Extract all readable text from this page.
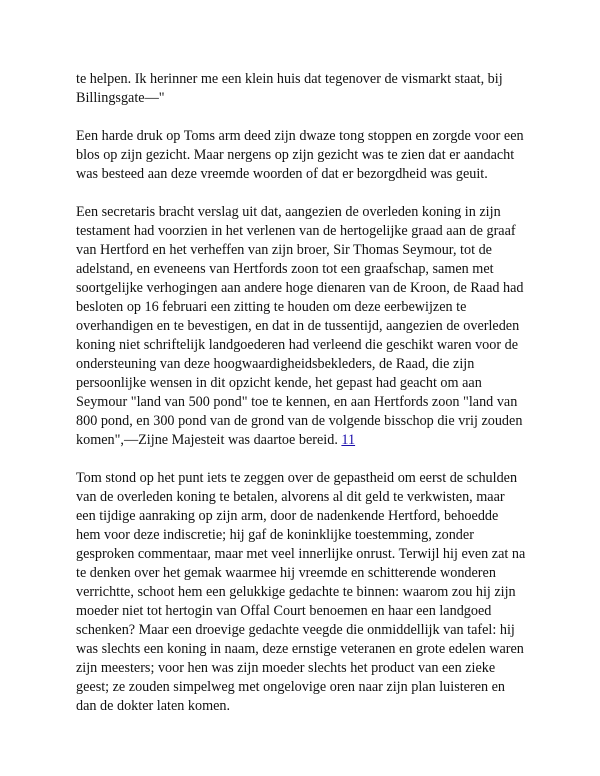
te helpen. Ik herinner me een klein huis dat tegenover de vismarkt staat, bij Billingsgate—"

Een harde druk op Toms arm deed zijn dwaze tong stoppen en zorgde voor een blos op zijn gezicht. Maar nergens op zijn gezicht was te zien dat er aandacht was besteed aan deze vreemde woorden of dat er bezorgdheid was geuit.

Een secretaris bracht verslag uit dat, aangezien de overleden koning in zijn testament had voorzien in het verlenen van de hertogelijke graad aan de graaf van Hertford en het verheffen van zijn broer, Sir Thomas Seymour, tot de adelstand, en eveneens van Hertfords zoon tot een graafschap, samen met soortgelijke verhogingen aan andere hoge dienaren van de Kroon, de Raad had besloten op 16 februari een zitting te houden om deze eerbewijzen te overhandigen en te bevestigen, en dat in de tussentijd, aangezien de overleden koning niet schriftelijk landgoederen had verleend die geschikt waren voor de ondersteuning van deze hoogwaardigheidsbekleders, de Raad, die zijn persoonlijke wensen in dit opzicht kende, het gepast had geacht om aan Seymour "land van 500 pond" toe te kennen, en aan Hertfords zoon "land van 800 pond, en 300 pond van de grond van de volgende bisschop die vrij zouden komen",—Zijne Majesteit was daartoe bereid. 11

Tom stond op het punt iets te zeggen over de gepastheid om eerst de schulden van de overleden koning te betalen, alvorens al dit geld te verkwisten, maar een tijdige aanraking op zijn arm, door de nadenkende Hertford, behoedde hem voor deze indiscretie; hij gaf de koninklijke toestemming, zonder gesproken commentaar, maar met veel innerlijke onrust. Terwijl hij even zat na te denken over het gemak waarmee hij vreemde en schitterende wonderen verrichtte, schoot hem een gelukkige gedachte te binnen: waarom zou hij zijn moeder niet tot hertogin van Offal Court benoemen en haar een landgoed schenken? Maar een droevige gedachte veegde die onmiddellijk van tafel: hij was slechts een koning in naam, deze ernstige veteranen en grote edelen waren zijn meesters; voor hen was zijn moeder slechts het product van een zieke geest; ze zouden simpelweg met ongelovige oren naar zijn plan luisteren en dan de dokter laten komen.
